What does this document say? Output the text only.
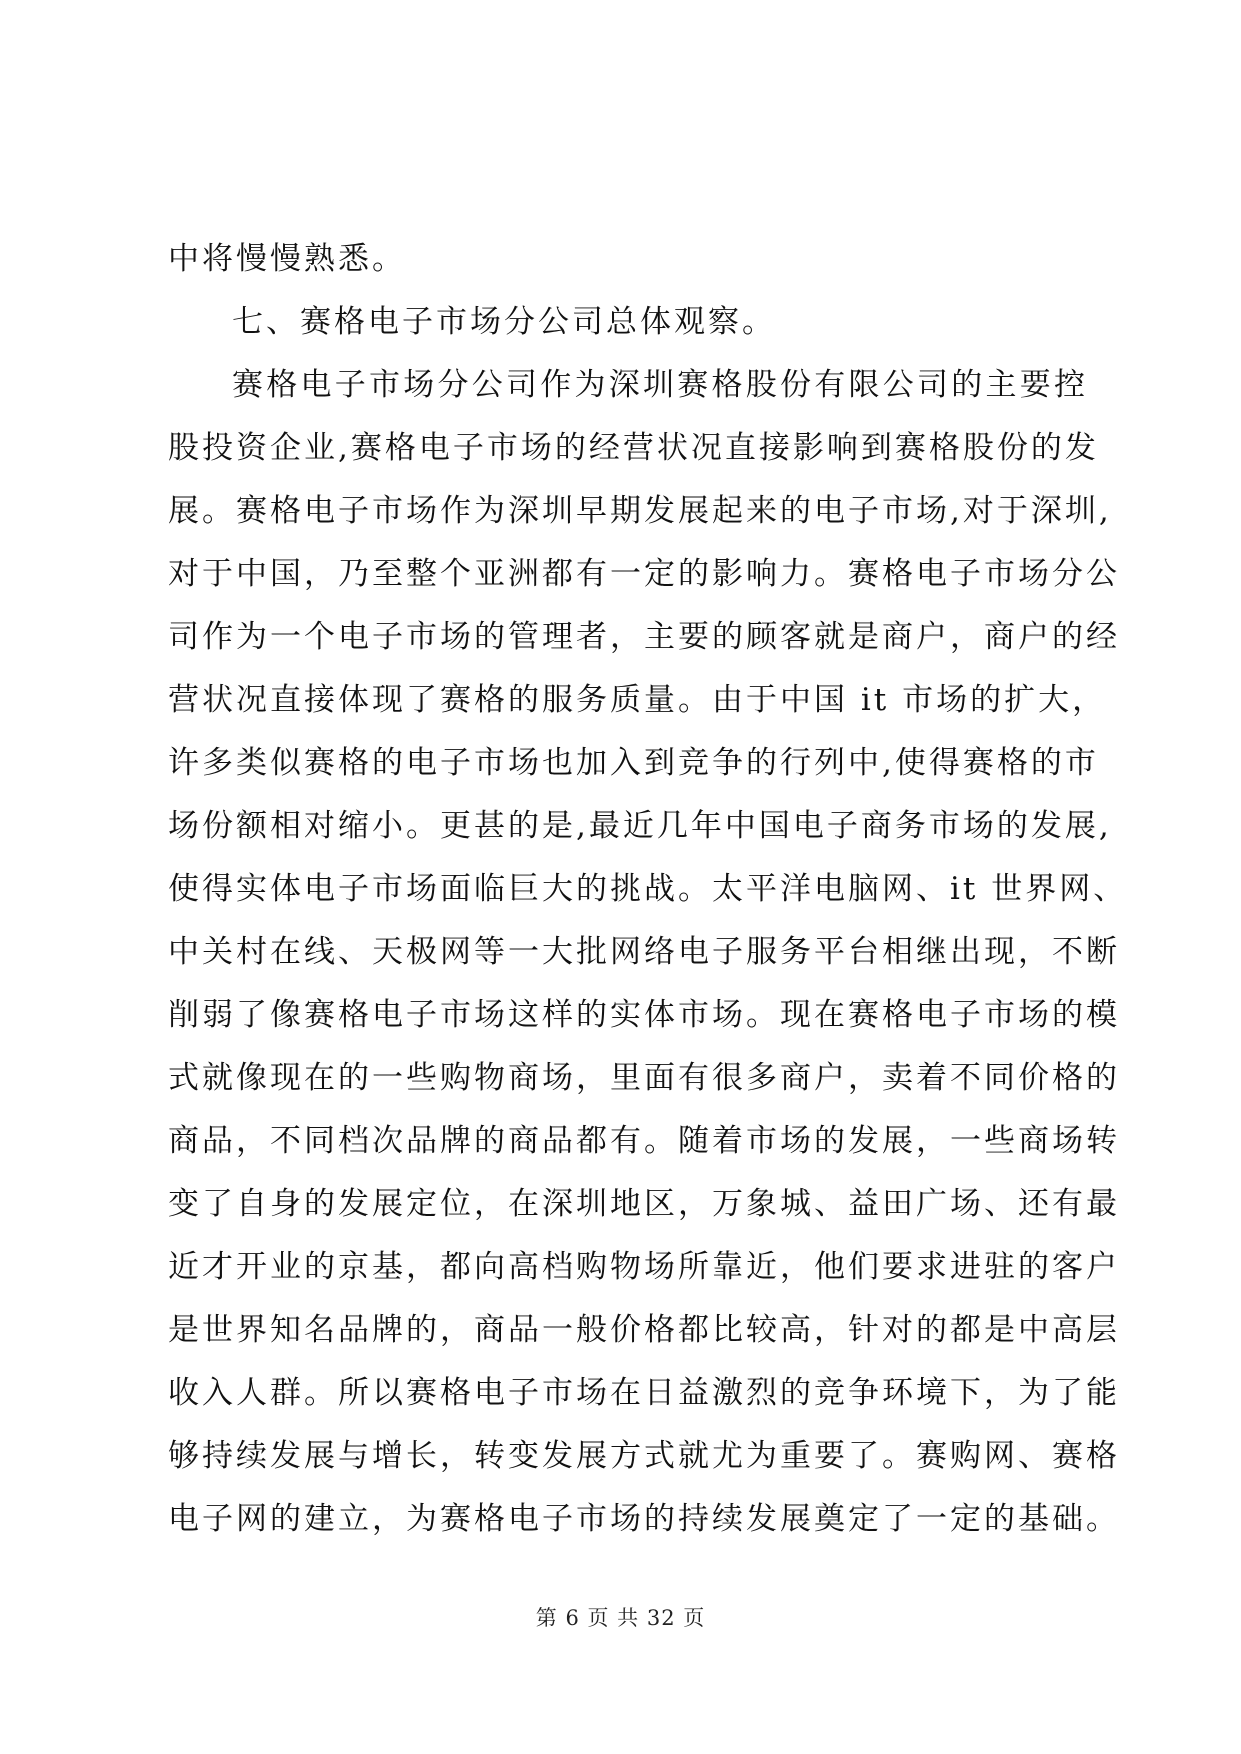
中将慢慢熟悉。
七、赛格电子市场分公司总体观察。
赛格电子市场分公司作为深圳赛格股份有限公司的主要控
股投资企业,赛格电子市场的经营状况直接影响到赛格股份的发
展。赛格电子市场作为深圳早期发展起来的电子市场,对于深圳,
对于中国，乃至整个亚洲都有一定的影响力。赛格电子市场分公
司作为一个电子市场的管理者，主要的顾客就是商户，商户的经
营状况直接体现了赛格的服务质量。由于中国 it 市场的扩大，
许多类似赛格的电子市场也加入到竞争的行列中,使得赛格的市
场份额相对缩小。更甚的是,最近几年中国电子商务市场的发展,
使得实体电子市场面临巨大的挑战。太平洋电脑网、it 世界网、
中关村在线、天极网等一大批网络电子服务平台相继出现，不断
削弱了像赛格电子市场这样的实体市场。现在赛格电子市场的模
式就像现在的一些购物商场，里面有很多商户，卖着不同价格的
商品，不同档次品牌的商品都有。随着市场的发展，一些商场转
变了自身的发展定位，在深圳地区，万象城、益田广场、还有最
近才开业的京基，都向高档购物场所靠近，他们要求进驻的客户
是世界知名品牌的，商品一般价格都比较高，针对的都是中高层
收入人群。所以赛格电子市场在日益激烈的竞争环境下，为了能
够持续发展与增长，转变发展方式就尤为重要了。赛购网、赛格
电子网的建立，为赛格电子市场的持续发展奠定了一定的基础。
第 6 页 共 32 页
